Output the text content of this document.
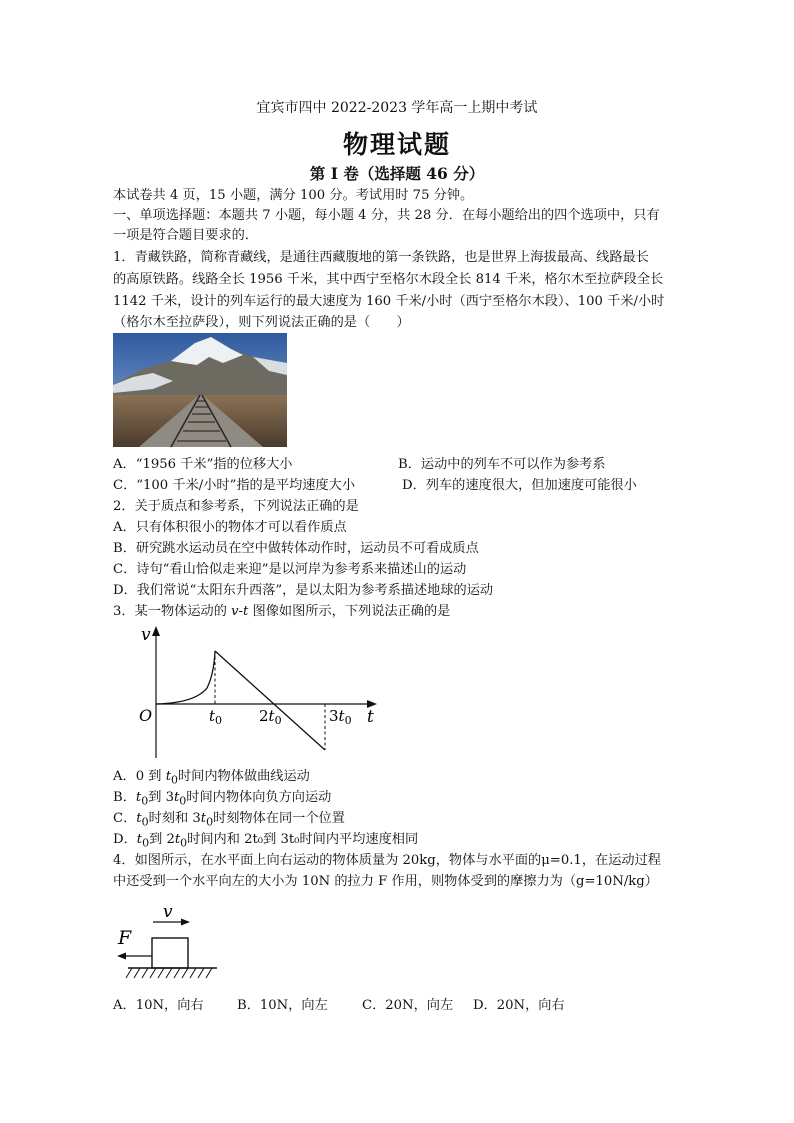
宜宾市四中 2022-2023 学年高一上期中考试
物理试题
第 I 卷（选择题 46 分）
本试卷共 4 页，15 小题，满分 100 分。考试用时 75 分钟。
一、单项选择题：本题共 7 小题，每小题 4 分，共 28 分．在每小题给出的四个选项中，只有
一项是符合题目要求的．
1．青藏铁路，简称青藏线，是通往西藏腹地的第一条铁路，也是世界上海拔最高、线路最长
的高原铁路。线路全长 1956 千米，其中西宁至格尔木段全长 814 千米，格尔木至拉萨段全长
1142 千米，设计的列车运行的最大速度为 160 千米/小时（西宁至格尔木段）、100 千米/小时
（格尔木至拉萨段），则下列说法正确的是（　　）
A．“1956 千米”指的位移大小	B．运动中的列车不可以作为参考系
C．“100 千米/小时”指的是平均速度大小	D．列车的速度很大，但加速度可能很小
2．关于质点和参考系，下列说法正确的是
A．只有体积很小的物体才可以看作质点
B．研究跳水运动员在空中做转体动作时，运动员不可看成质点
C．诗句“看山恰似走来迎”是以河岸为参考系来描述山的运动
D．我们常说“太阳东升西落”，是以太阳为参考系描述地球的运动
3．某一物体运动的 v-t 图像如图所示，下列说法正确的是
v
t
O	$t_0$ $2t_0$	$3t_0$
A．0 到 $t_0$时间内物体做曲线运动
B．$t_0$到 $3t_0$时间内物体向负方向运动
C．$t_0$时刻和 $3t_0$时刻物体在同一个位置
D．$t_0$到 $2t_0$时间内和 2t₀到 3t₀时间内平均速度相同
4．如图所示，在水平面上向右运动的物体质量为 20kg，物体与水平面的μ=0.1，在运动过程
中还受到一个水平向左的大小为 10N 的拉力 F 作用，则物体受到的摩擦力为（g=10N/kg）
v
F
A．10N，向右	B．10N，向左	C．20N，向左 D．20N，向右
